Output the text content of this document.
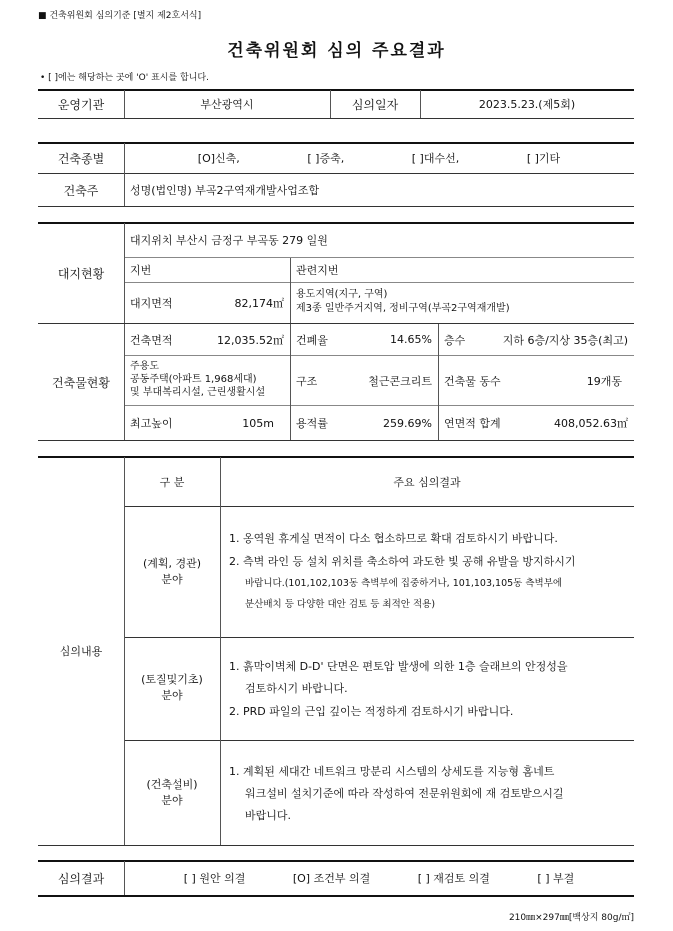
■ 건축위원회 심의기준 [별지 제2호서식]
건축위원회 심의 주요결과
• [ ]에는 해당하는 곳에 'O' 표시를 합니다.
운영기관	부산광역시	심의일자	2023.5.23.(제5회)
건축종별	[O]신축,	[ ]증축,	[ ]대수선,	[ ]기타
건축주	성명(법인명) 부곡2구역재개발사업조합
대지현황
대지위치 부산시 금정구 부곡동 279 일원
지번	관련지번
대지면적	82,174㎡
용도지역(지구, 구역)
제3종 일반주거지역, 정비구역(부곡2구역재개발)
건축물현황
건축면적	12,035.52㎡ 건폐율	14.65% 층수	지하 6층/지상 35층(최고)
주용도
공동주택(아파트 1,968세대)
및 부대복리시설, 근린생활시설
구조	철근콘크리트 건축물 동수	19개동
최고높이	105m 용적률	259.69% 연면적 합계	408,052.63㎡
심의내용
구 분	주요 심의결과
(계획, 경관)
분야
1. 옹역원 휴게실 면적이 다소 협소하므로 확대 검토하시기 바랍니다.
2. 측벽 라인 등 설치 위치를 축소하여 과도한 빛 공해 유발을 방지하시기
바랍니다.(101,102,103동 측벽부에 집중하거나, 101,103,105동 측벽부에
분산배치 등 다양한 대안 검토 등 최적안 적용)
(토질및기초)
분야
1. 흙막이벽체 D-D' 단면은 편토압 발생에 의한 1층 슬래브의 안정성을
검토하시기 바랍니다.
2. PRD 파일의 근입 깊이는 적정하게 검토하시기 바랍니다.
(건축설비)
분야
1. 계획된 세대간 네트워크 망분리 시스템의 상세도를 지능형 홈네트
워크설비 설치기준에 따라 작성하여 전문위원회에 재 검토받으시길
바랍니다.
심의결과	[ ] 원안 의결	[O] 조건부 의결	[ ] 재검토 의결	[ ] 부결
210㎜×297㎜[백상지 80g/㎡]
